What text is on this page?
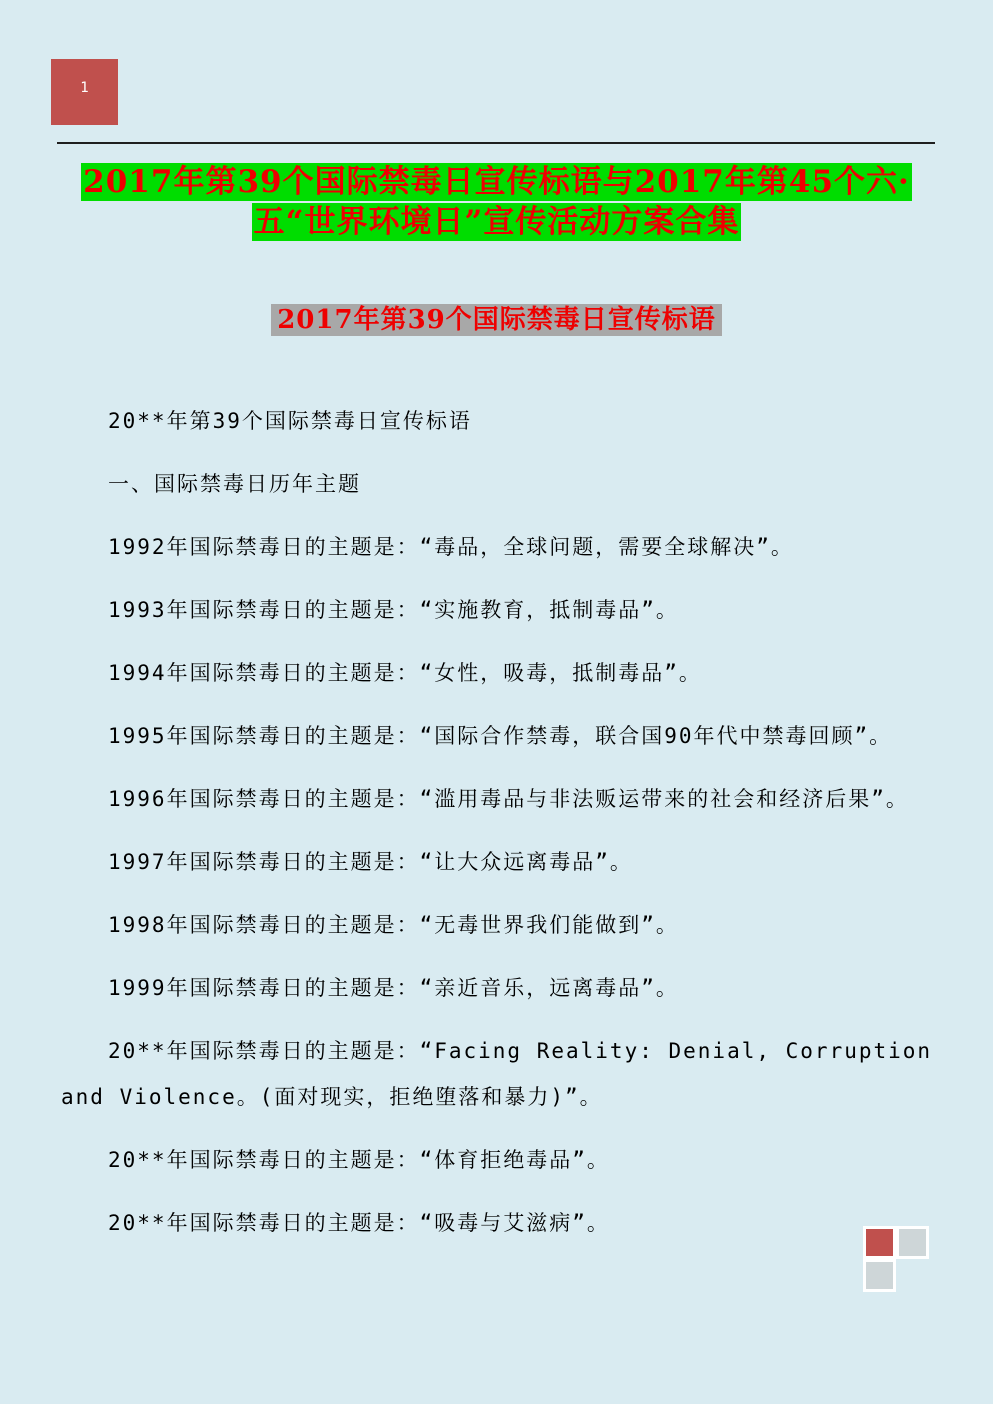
1
2017年第39个国际禁毒日宣传标语与2017年第45个六·五“世界环境日”宣传活动方案合集
2017年第39个国际禁毒日宣传标语

20**年第39个国际禁毒日宣传标语

一、国际禁毒日历年主题

1992年国际禁毒日的主题是：“毒品，全球问题，需要全球解决”。

1993年国际禁毒日的主题是：“实施教育，抵制毒品”。

1994年国际禁毒日的主题是：“女性，吸毒，抵制毒品”。

1995年国际禁毒日的主题是：“国际合作禁毒，联合国90年代中禁毒回顾”。

1996年国际禁毒日的主题是：“滥用毒品与非法贩运带来的社会和经济后果”。

1997年国际禁毒日的主题是：“让大众远离毒品”。

1998年国际禁毒日的主题是：“无毒世界我们能做到”。

1999年国际禁毒日的主题是：“亲近音乐，远离毒品”。

20**年国际禁毒日的主题是：“Facing Reality: Denial, Corruption and Violence。(面对现实，拒绝堕落和暴力)”。

20**年国际禁毒日的主题是：“体育拒绝毒品”。

20**年国际禁毒日的主题是：“吸毒与艾滋病”。
